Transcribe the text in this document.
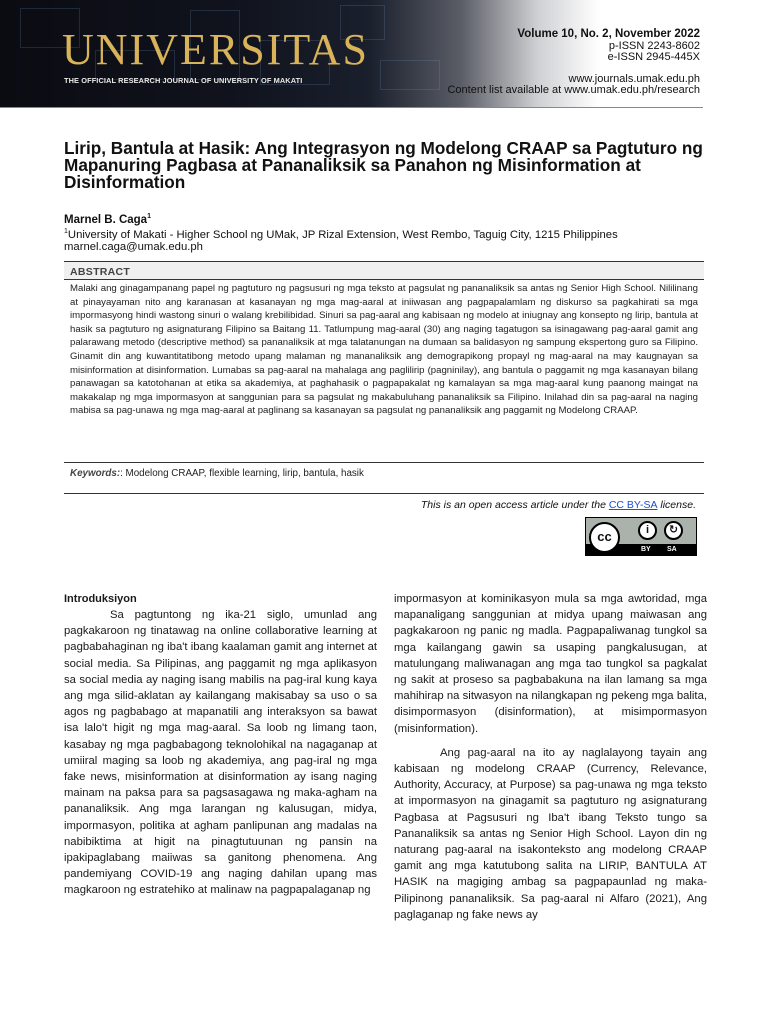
UNIVERSITAS
THE OFFICIAL RESEARCH JOURNAL OF UNIVERSITY OF MAKATI
Volume 10, No. 2, November 2022
p-ISSN 2243-8602
e-ISSN 2945-445X
www.journals.umak.edu.ph
Content list available at www.umak.edu.ph/research
Lirip, Bantula at Hasik: Ang Integrasyon ng Modelong CRAAP sa Pagtuturo ng Mapanuring Pagbasa at Pananaliksik sa Panahon ng Misinformation at Disinformation
Marnel B. Caga$^1$
$^1$University of Makati - Higher School ng UMak, JP Rizal Extension, West Rembo, Taguig City, 1215 Philippines
marnel.caga@umak.edu.ph
ABSTRACT
Malaki ang ginagampanang papel ng pagtuturo ng pagsusuri ng mga teksto at pagsulat ng pananaliksik sa antas ng Senior High School. Nililinang at pinayayaman nito ang karanasan at kasanayan ng mga mag-aaral at iniiwasan ang pagpapalamlam ng diskurso sa pagkahirati sa mga impormasyong hindi wastong sinuri o walang krebilibidad. Sinuri sa pag-aaral ang kabisaan ng modelo at iniugnay ang konsepto ng lirip, bantula at hasik sa pagtuturo ng asignaturang Filipino sa Baitang 11. Tatlumpung mag-aaral (30) ang naging tagatugon sa isinagawang pag-aaral gamit ang palarawang metodo (descriptive method) sa pananaliksik at mga talatanungan na dumaan sa balidasyon ng sampung ekspertong guro sa Filipino. Ginamit din ang kuwantitatibong metodo upang malaman ng mananaliksik ang demograpikong propayl ng mag-aaral na may kaugnayan sa misinformation at disinformation. Lumabas sa pag-aaral na mahalaga ang paglilirip (pagninilay), ang bantula o paggamit ng mga kasanayan bilang panawagan sa katotohanan at etika sa akademiya, at paghahasik o pagpapakalat ng kamalayan sa mga mag-aaral kung paanong maingat na makakalap ng mga impormasyon at sanggunian para sa pagsulat ng makabuluhang pananaliksik sa Filipino. Inilahad din sa pag-aaral na naging mabisa sa pag-unawa ng mga mag-aaral at paglinang sa kasanayan sa pagsulat ng pananaliksik ang paggamit ng Modelong CRAAP.
Keywords:: Modelong CRAAP, flexible learning, lirip, bantula, hasik
This is an open access article under the CC BY-SA license.
cc	i	↻
BY SA
Introduksiyon

Sa pagtuntong ng ika-21 siglo, umunlad ang pagkakaroon ng tinatawag na online collaborative learning at pagbabahaginan ng iba't ibang kaalaman gamit ang internet at social media. Sa Pilipinas, ang paggamit ng mga aplikasyon sa social media ay naging isang mabilis na pag-iral kung kaya ang mga silid-aklatan ay kailangang makisabay sa uso o sa agos ng pagbabago at mapanatili ang interaksyon sa bawat isa lalo't higit ng mga mag-aaral. Sa loob ng limang taon, kasabay ng mga pagbabagong teknolohikal na nagaganap at umiiral maging sa loob ng akademiya, ang pag-iral ng mga fake news, misinformation at disinformation ay isang naging mainam na paksa para sa pagsasagawa ng maka-agham na pananaliksik. Ang mga larangan ng kalusugan, midya, impormasyon, politika at agham panlipunan ang madalas na nabibiktima at higit na pinagtutuunan ng pansin na ipakipaglabang maiiwas sa ganitong phenomena. Ang pandemiyang COVID-19 ang naging dahilan upang mas magkaroon ng estratehiko at malinaw na pagpapalaganap ng

impormasyon at kominikasyon mula sa mga awtoridad, mga mapanaligang sanggunian at midya upang maiwasan ang pagkakaroon ng panic ng madla. Pagpapaliwanag tungkol sa mga kailangang gawin sa usaping pangkalusugan, at matulungang maliwanagan ang mga tao tungkol sa pagkalat ng sakit at proseso sa pagbabakuna na ilan lamang sa mga mahihirap na sitwasyon na nilangkapan ng pekeng mga balita, disimpormasyon (disinformation), at misimpormasyon (misinformation).

Ang pag-aaral na ito ay naglalayong tayain ang kabisaan ng modelong CRAAP (Currency, Relevance, Authority, Accuracy, at Purpose) sa pag-unawa ng mga teksto at impormasyon na ginagamit sa pagtuturo ng asignaturang Pagbasa at Pagsusuri ng Iba't ibang Teksto tungo sa Pananaliksik sa antas ng Senior High School. Layon din ng naturang pag-aaral na isakonteksto ang modelong CRAAP gamit ang mga katutubong salita na LIRIP, BANTULA AT HASIK na magiging ambag sa pagpapaunlad ng maka-Pilipinong pananaliksik. Sa pag-aaral ni Alfaro (2021), Ang paglaganap ng fake news ay
